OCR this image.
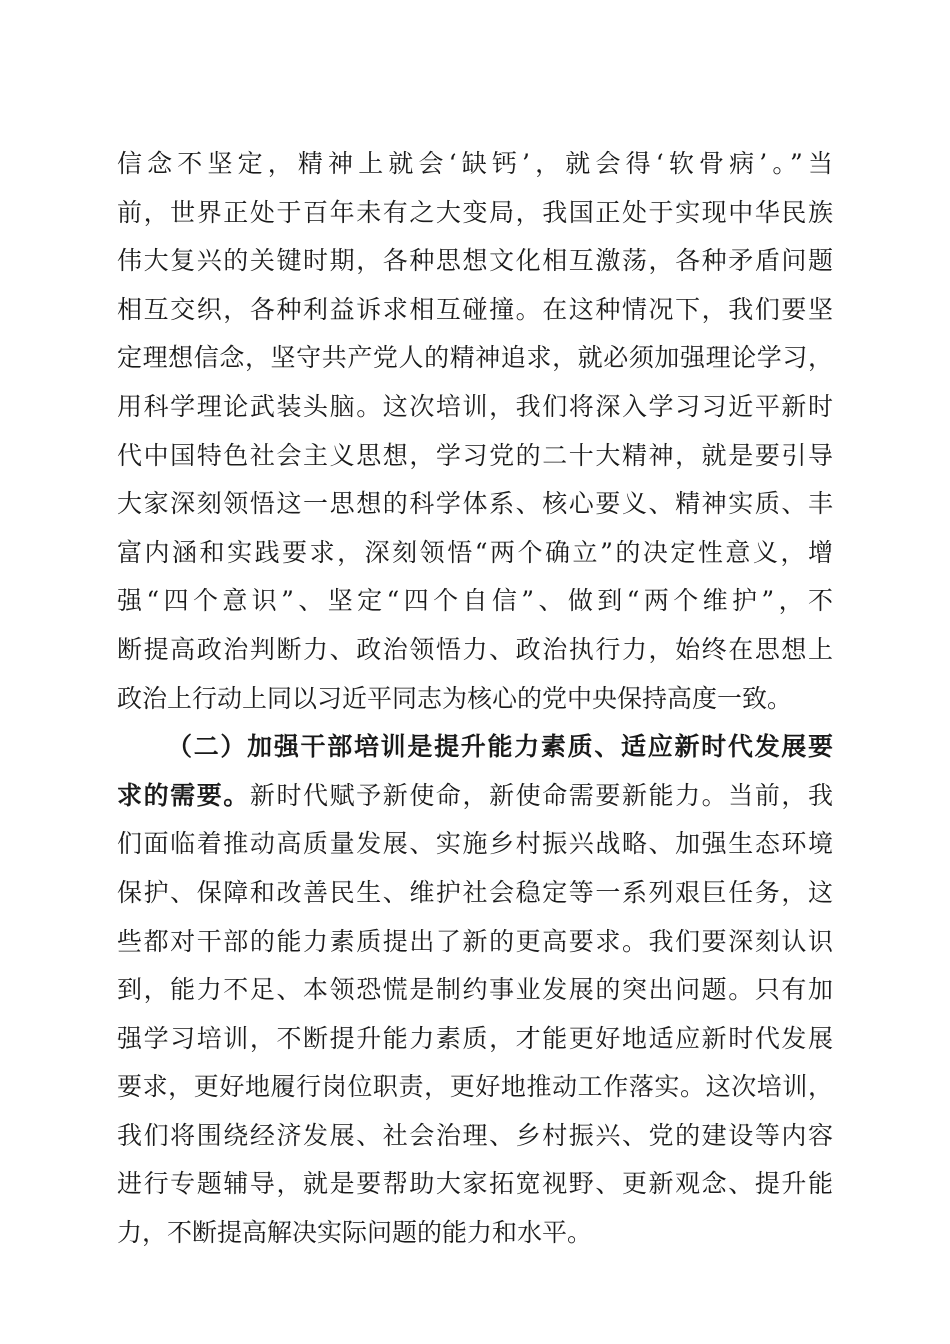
信念不坚定，精神上就会‘缺钙’，就会得‘软骨病’。”当
前，世界正处于百年未有之大变局，我国正处于实现中华民族
伟大复兴的关键时期，各种思想文化相互激荡，各种矛盾问题
相互交织，各种利益诉求相互碰撞。在这种情况下，我们要坚
定理想信念，坚守共产党人的精神追求，就必须加强理论学习，
用科学理论武装头脑。这次培训，我们将深入学习习近平新时
代中国特色社会主义思想，学习党的二十大精神，就是要引导
大家深刻领悟这一思想的科学体系、核心要义、精神实质、丰
富内涵和实践要求，深刻领悟“两个确立”的决定性意义，增
强“四个意识”、坚定“四个自信”、做到“两个维护”，不
断提高政治判断力、政治领悟力、政治执行力，始终在思想上
政治上行动上同以习近平同志为核心的党中央保持高度一致。
（二）加强干部培训是提升能力素质、适应新时代发展要
求的需要。新时代赋予新使命，新使命需要新能力。当前，我
们面临着推动高质量发展、实施乡村振兴战略、加强生态环境
保护、保障和改善民生、维护社会稳定等一系列艰巨任务，这
些都对干部的能力素质提出了新的更高要求。我们要深刻认识
到，能力不足、本领恐慌是制约事业发展的突出问题。只有加
强学习培训，不断提升能力素质，才能更好地适应新时代发展
要求，更好地履行岗位职责，更好地推动工作落实。这次培训，
我们将围绕经济发展、社会治理、乡村振兴、党的建设等内容
进行专题辅导，就是要帮助大家拓宽视野、更新观念、提升能
力，不断提高解决实际问题的能力和水平。
